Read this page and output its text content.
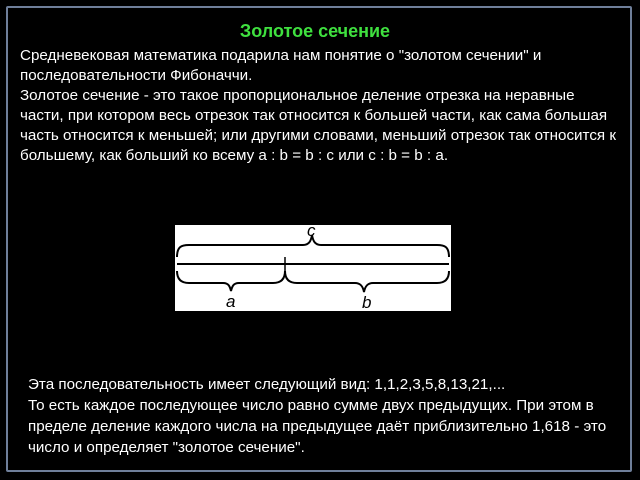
Золотое сечение

Средневековая математика подарила нам понятие о "золотом сечении" и последовательности Фибоначчи.

Золотое сечение - это такое пропорциональное деление отрезка на неравные части, при котором весь отрезок так относится к большей части, как сама большая часть относится к меньшей; или другими словами, меньший отрезок так относится к большему, как больший ко всему a : b = b : c или c : b = b : a.

c
a	b

Эта последовательность имеет следующий вид: 1,1,2,3,5,8,13,21,...

То есть каждое последующее число равно сумме двух предыдущих. При этом в пределе деление каждого числа на предыдущее даёт приблизительно 1,618 - это число и определяет "золотое сечение".
